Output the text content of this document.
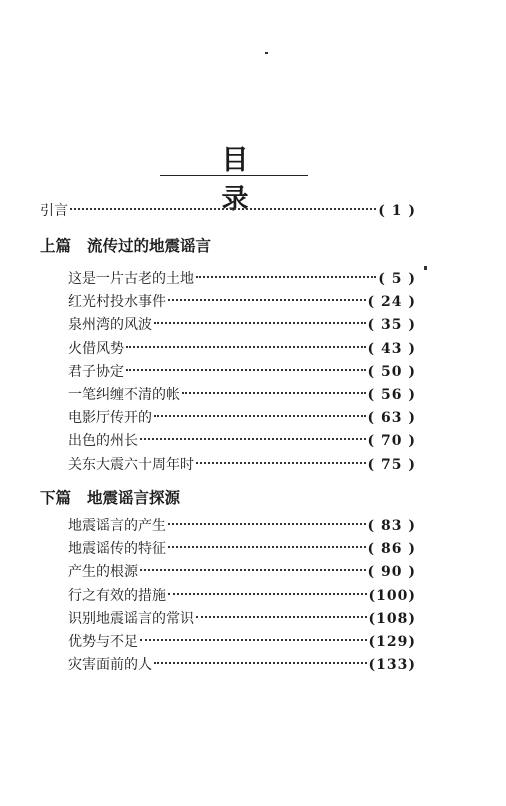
目录
引言	( 1 )
上篇 流传过的地震谣言
这是一片古老的土地	( 5 )
红光村投水事件	( 24 )
泉州湾的风波	( 35 )
火借风势	( 43 )
君子协定	( 50 )
一笔纠缠不清的帐	( 56 )
电影厅传开的	( 63 )
出色的州长	( 70 )
关东大震六十周年时	( 75 )
下篇 地震谣言探源
地震谣言的产生	( 83 )
地震谣传的特征	( 86 )
产生的根源	( 90 )
行之有效的措施	(100)
识别地震谣言的常识	(108)
优势与不足	(129)
灾害面前的人	(133)
